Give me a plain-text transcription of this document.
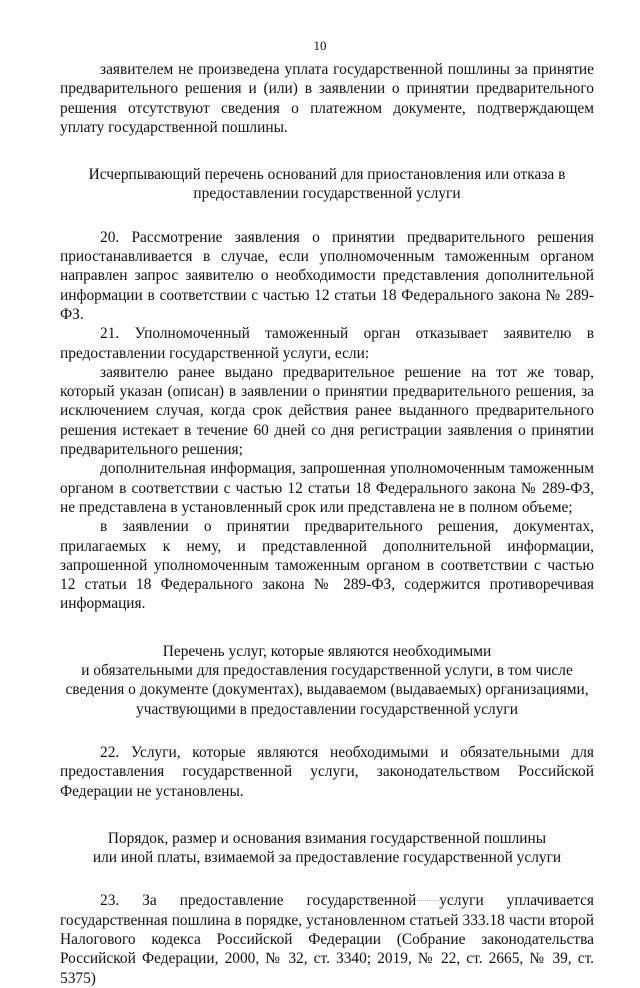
10

заявителем не произведена уплата государственной пошлины за принятие предварительного решения и (или) в заявлении о принятии предварительного решения отсутствуют сведения о платежном документе, подтверждающем уплату государственной пошлины.

Исчерпывающий перечень оснований для приостановления или отказа в
предоставлении государственной услуги

20. Рассмотрение заявления о принятии предварительного решения приостанавливается в случае, если уполномоченным таможенным органом направлен запрос заявителю о необходимости представления дополнительной информации в соответствии с частью 12 статьи 18 Федерального закона № 289-ФЗ.

21. Уполномоченный таможенный орган отказывает заявителю в предоставлении государственной услуги, если:

заявителю ранее выдано предварительное решение на тот же товар, который указан (описан) в заявлении о принятии предварительного решения, за исключением случая, когда срок действия ранее выданного предварительного решения истекает в течение 60 дней со дня регистрации заявления о принятии предварительного решения;

дополнительная информация, запрошенная уполномоченным таможенным органом в соответствии с частью 12 статьи 18 Федерального закона № 289-ФЗ, не представлена в установленный срок или представлена не в полном объеме;

в заявлении о принятии предварительного решения, документах, прилагаемых к нему, и представленной дополнительной информации, запрошенной уполномоченным таможенным органом в соответствии с частью 12 статьи 18 Федерального закона № 289-ФЗ, содержится противоречивая информация.

Перечень услуг, которые являются необходимыми
и обязательными для предоставления государственной услуги, в том числе
сведения о документе (документах), выдаваемом (выдаваемых) организациями,
участвующими в предоставлении государственной услуги

22. Услуги, которые являются необходимыми и обязательными для предоставления государственной услуги, законодательством Российской Федерации не установлены.

Порядок, размер и основания взимания государственной пошлины
или иной платы, взимаемой за предоставление государственной услуги

23. За предоставление государственной услуги уплачивается государственная пошлина в порядке, установленном статьей 333.18 части второй Налогового кодекса Российской Федерации (Собрание законодательства Российской Федерации, 2000, № 32, ст. 3340; 2019, № 22, ст. 2665, № 39, ст. 5375)
